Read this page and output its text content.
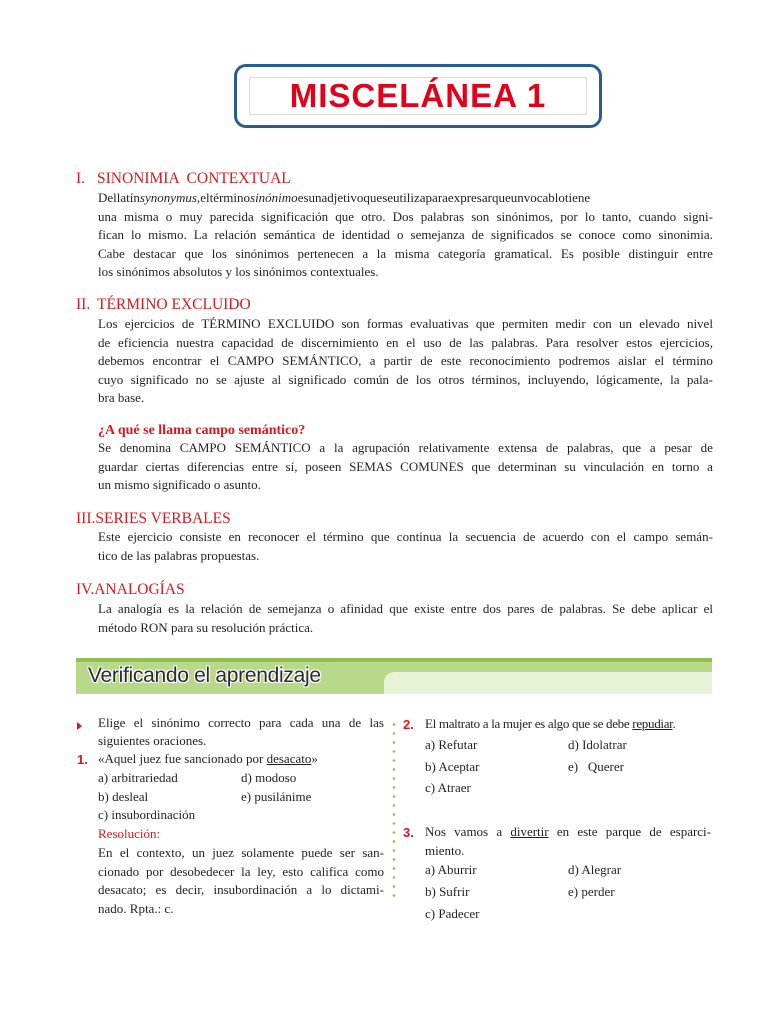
MISCELÁNEA 1
I. SINONIMIA  CONTEXTUAL
Dellatínsynonymus,eltérminosinónimoesunadjetivoqueseutilizaparaexpresarqueunvocablotiene
una misma o muy parecida significación que otro. Dos palabras son sinónimos, por lo tanto, cuando signi-
fican lo mismo. La relación semántica de identidad o semejanza de significados se conoce como sinonimia.
Cabe destacar que los sinónimos pertenecen a la misma categoría gramatical. Es posible distinguir entre
los sinónimos absolutos y los sinónimos contextuales.
II. TÉRMINO EXCLUIDO
Los ejercicios de TÉRMINO EXCLUIDO son formas evaluativas que permiten medir con un elevado nivel
de eficiencia nuestra capacidad de discernimiento en el uso de las palabras. Para resolver estos ejercicios,
debemos encontrar el CAMPO SEMÁNTICO, a partir de este reconocimiento podremos aislar el término
cuyo significado no se ajuste al significado común de los otros términos, incluyendo, lógicamente, la pala-
bra base.
¿A qué se llama campo semántico?
Se denomina CAMPO SEMÁNTICO a la agrupación relativamente extensa de palabras, que a pesar de
guardar ciertas diferencias entre sí, poseen SEMAS COMUNES que determinan su vinculación en torno a
un mismo significado o asunto.
III.SERIES VERBALES
Este ejercicio consiste en reconocer el término que continua la secuencia de acuerdo con el campo semán-
tico de las palabras propuestas.
IV.ANALOGÍAS
La analogía es la relación de semejanza o afinidad que existe entre dos pares de palabras. Se debe aplicar el
método RON para su resolución práctica.
Verificando el aprendizaje
Elige el sinónimo correcto para cada una de las
siguientes oraciones.
1. «Aquel juez fue sancionado por desacato»
a) arbitrariedad	d) modoso
b) desleal	e) pusilánime
c) insubordinación
Resolución:
En el contexto, un juez solamente puede ser san-
cionado por desobedecer la ley, esto califica como
desacato; es decir, insubordinación a lo dictami-
nado. Rpta.: c.
2. El maltrato a la mujer es algo que se debe repudiar.
a) Refutar	d) Idolatrar
b) Aceptar	e)   Querer
c) Atraer
3. Nos vamos a divertir en este parque de esparci-
miento.
a) Aburrir	d) Alegrar
b) Sufrir	e) perder
c) Padecer
